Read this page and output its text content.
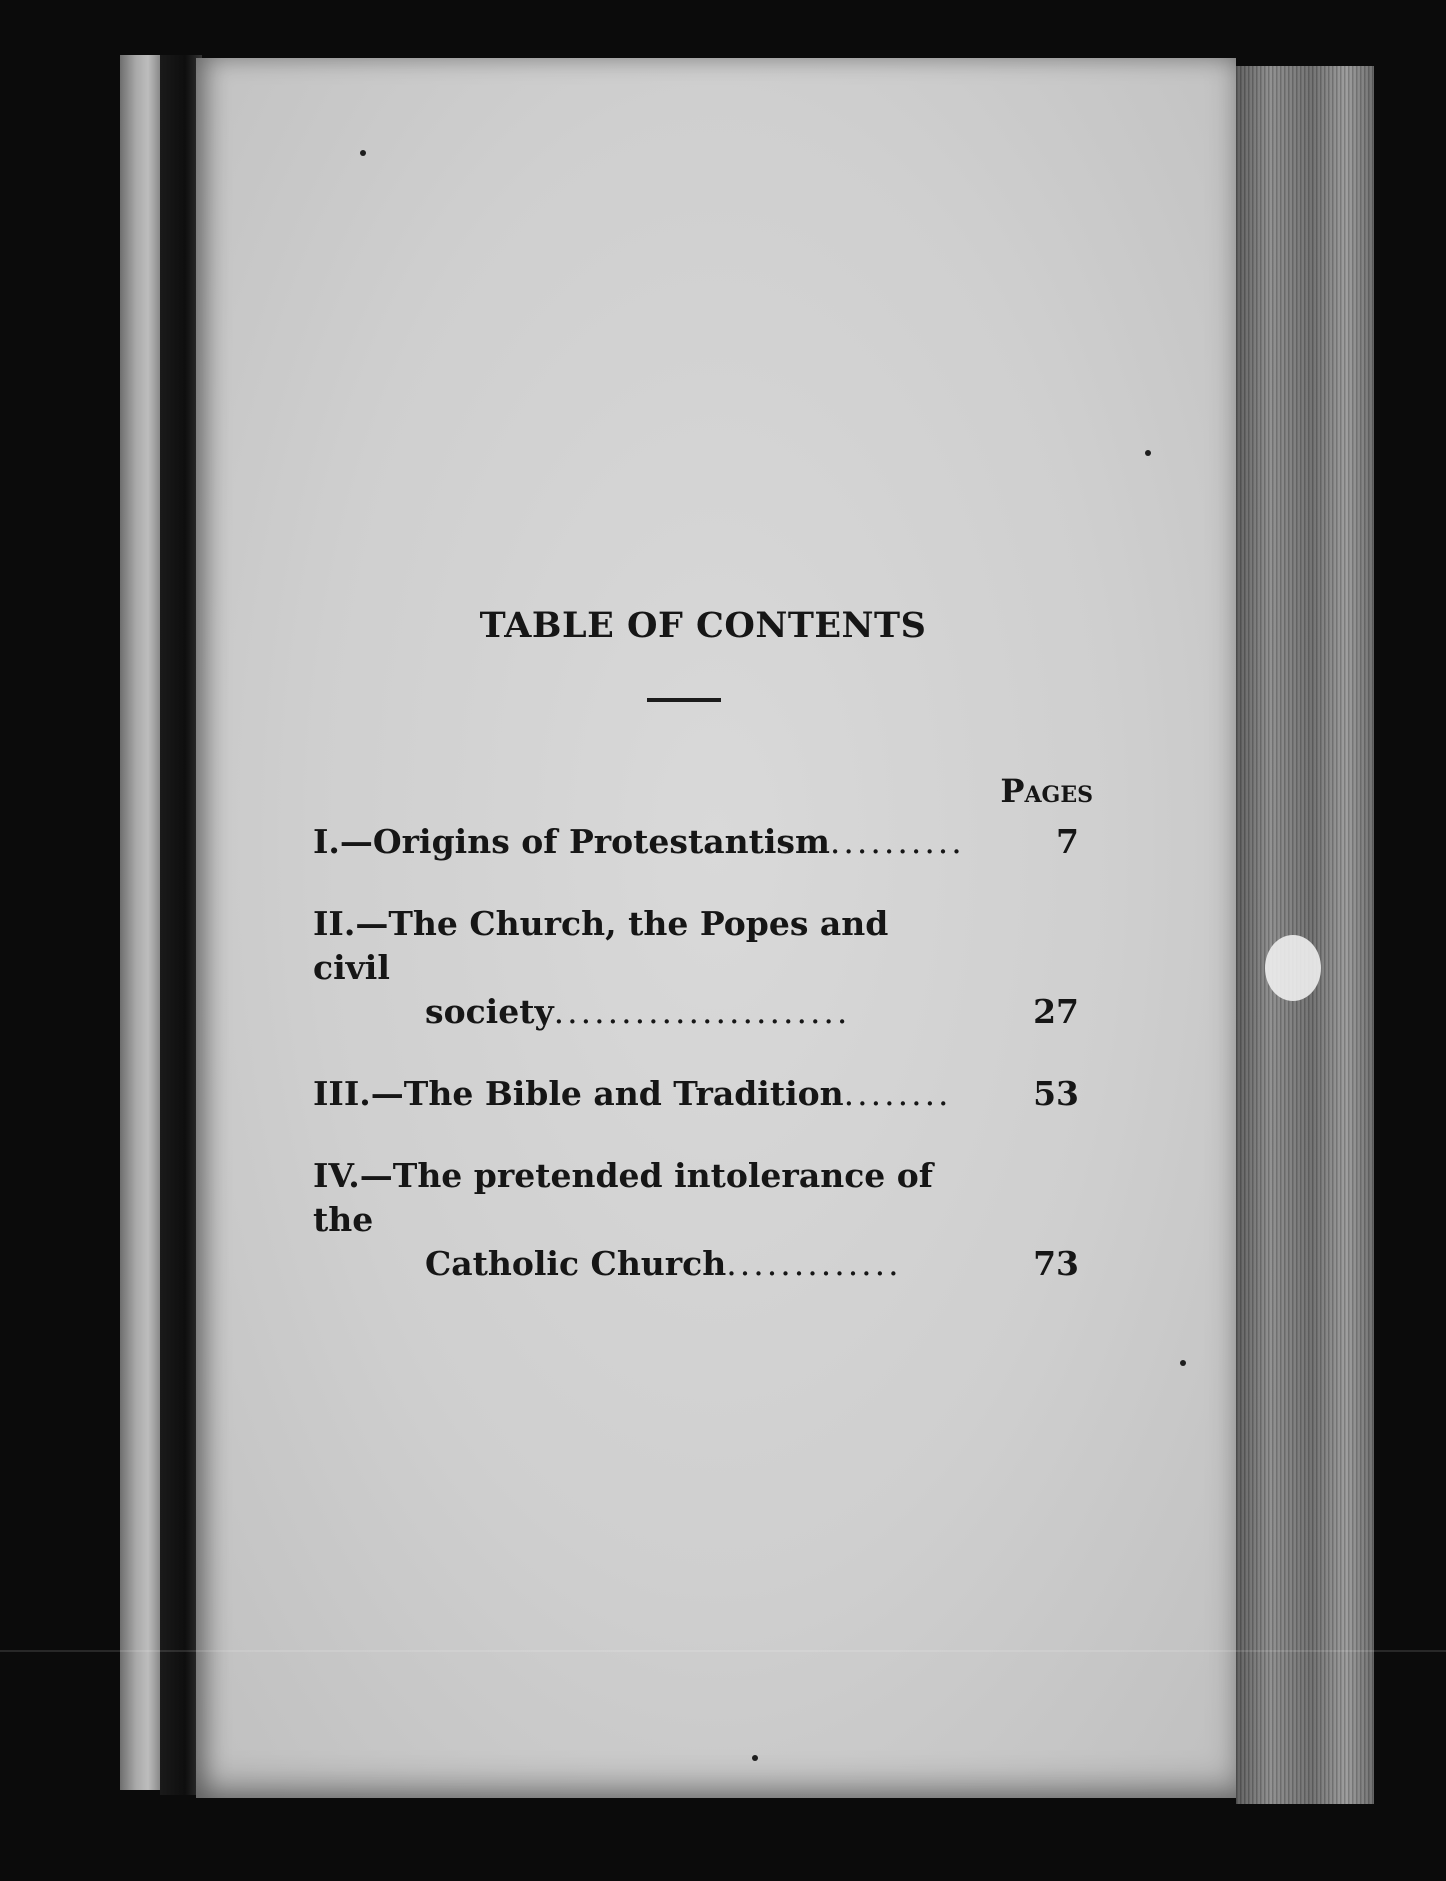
TABLE OF CONTENTS
Pages
I.—Origins of Protestantism..........	7
II.—The Church, the Popes and civil
society......................	27
III.—The Bible and Tradition........ 53
IV.—The pretended intolerance of the
Catholic Church.............	73
